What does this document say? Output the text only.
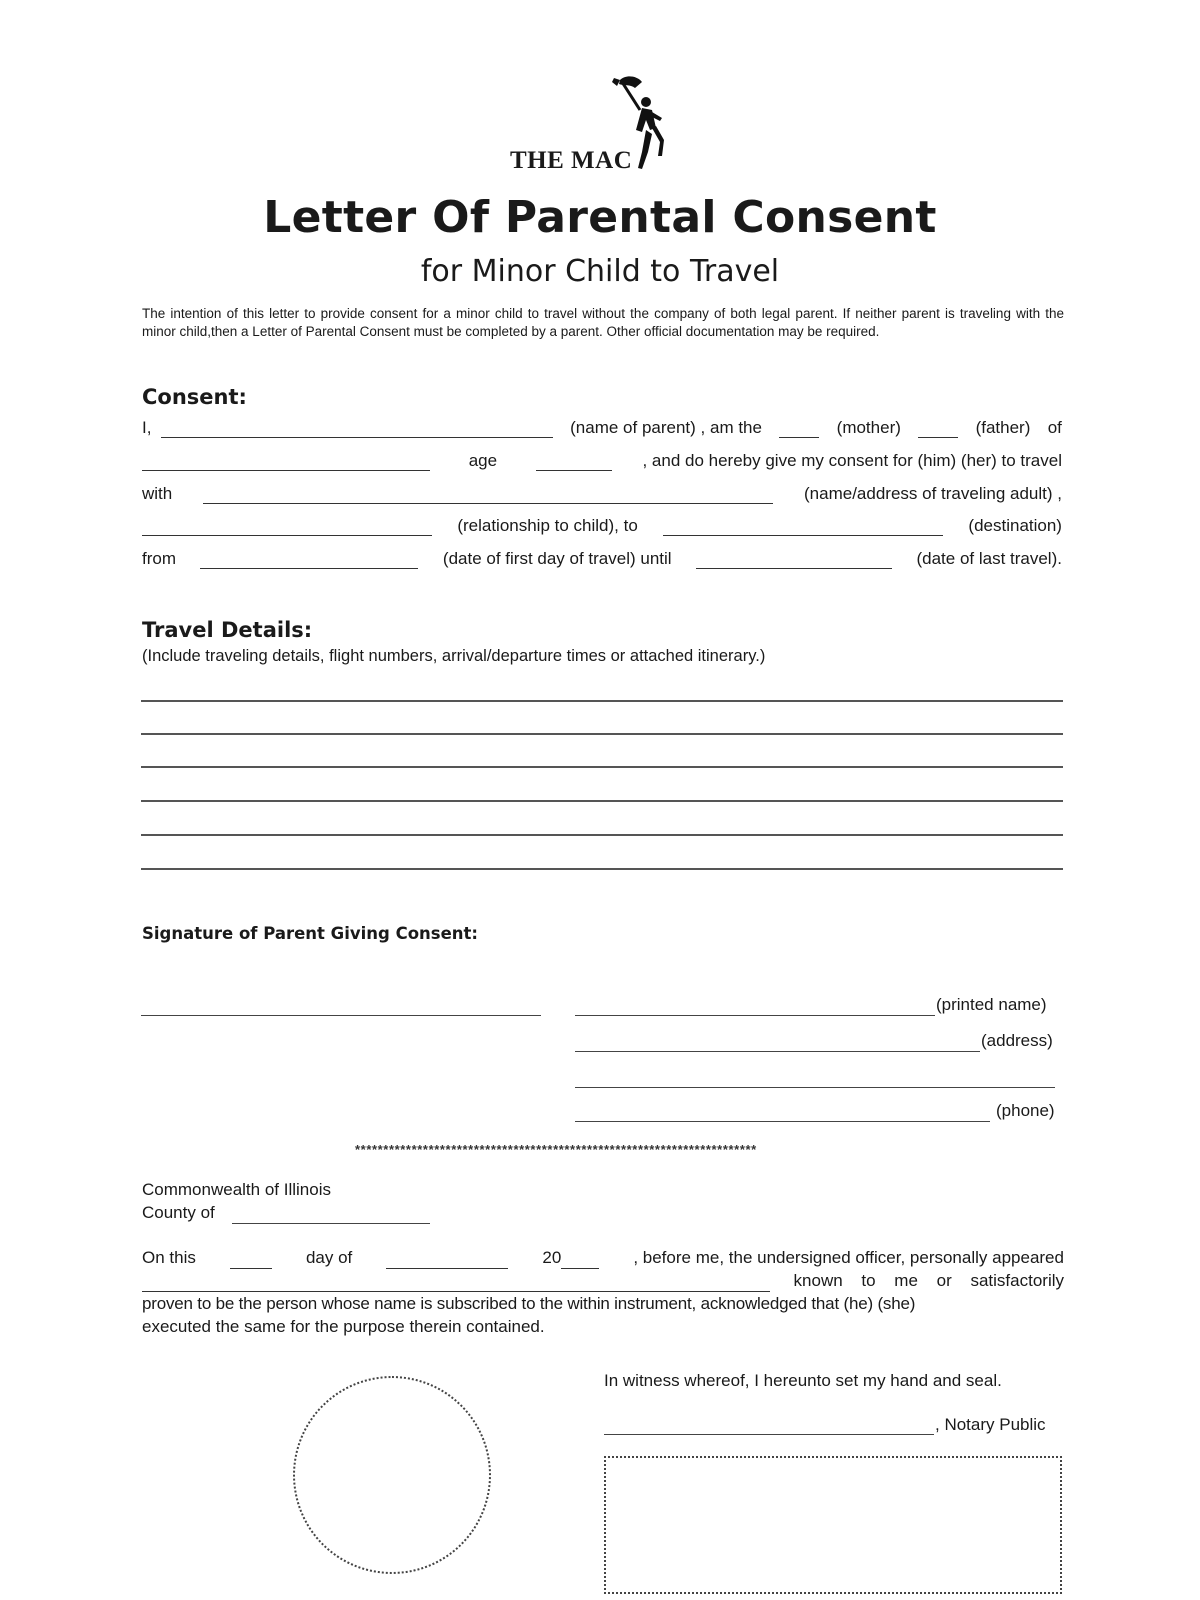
THE MAC
Letter Of Parental Consent
for Minor Child to Travel
The intention of this letter to provide consent for a minor child to travel without the company of both legal parent. If neither parent is traveling with the minor child,then a Letter of Parental Consent must be completed by a parent. Other official documentation may be required.
Consent:
I,	(name of parent) , am the	(mother)	(father) of
age	, and do hereby give my consent for (him) (her) to travel
with	(name/address of traveling adult) ,
(relationship to child), to	(destination)
from	(date of first day of travel) until	(date of last travel).
Travel Details:
(Include traveling details, flight numbers, arrival/departure times or attached itinerary.)
Signature of Parent Giving Consent:
(printed name)
(address)
(phone)
***********************************************************************
Commonwealth of Illinois
County of
On this	day of	20	, before me, the undersigned officer, personally appeared
known to me or satisfactorily
proven to be the person whose name is subscribed to the within instrument, acknowledged that (he) (she)
executed the same for the purpose therein contained.
In witness whereof, I hereunto set my hand and seal.
, Notary Public
